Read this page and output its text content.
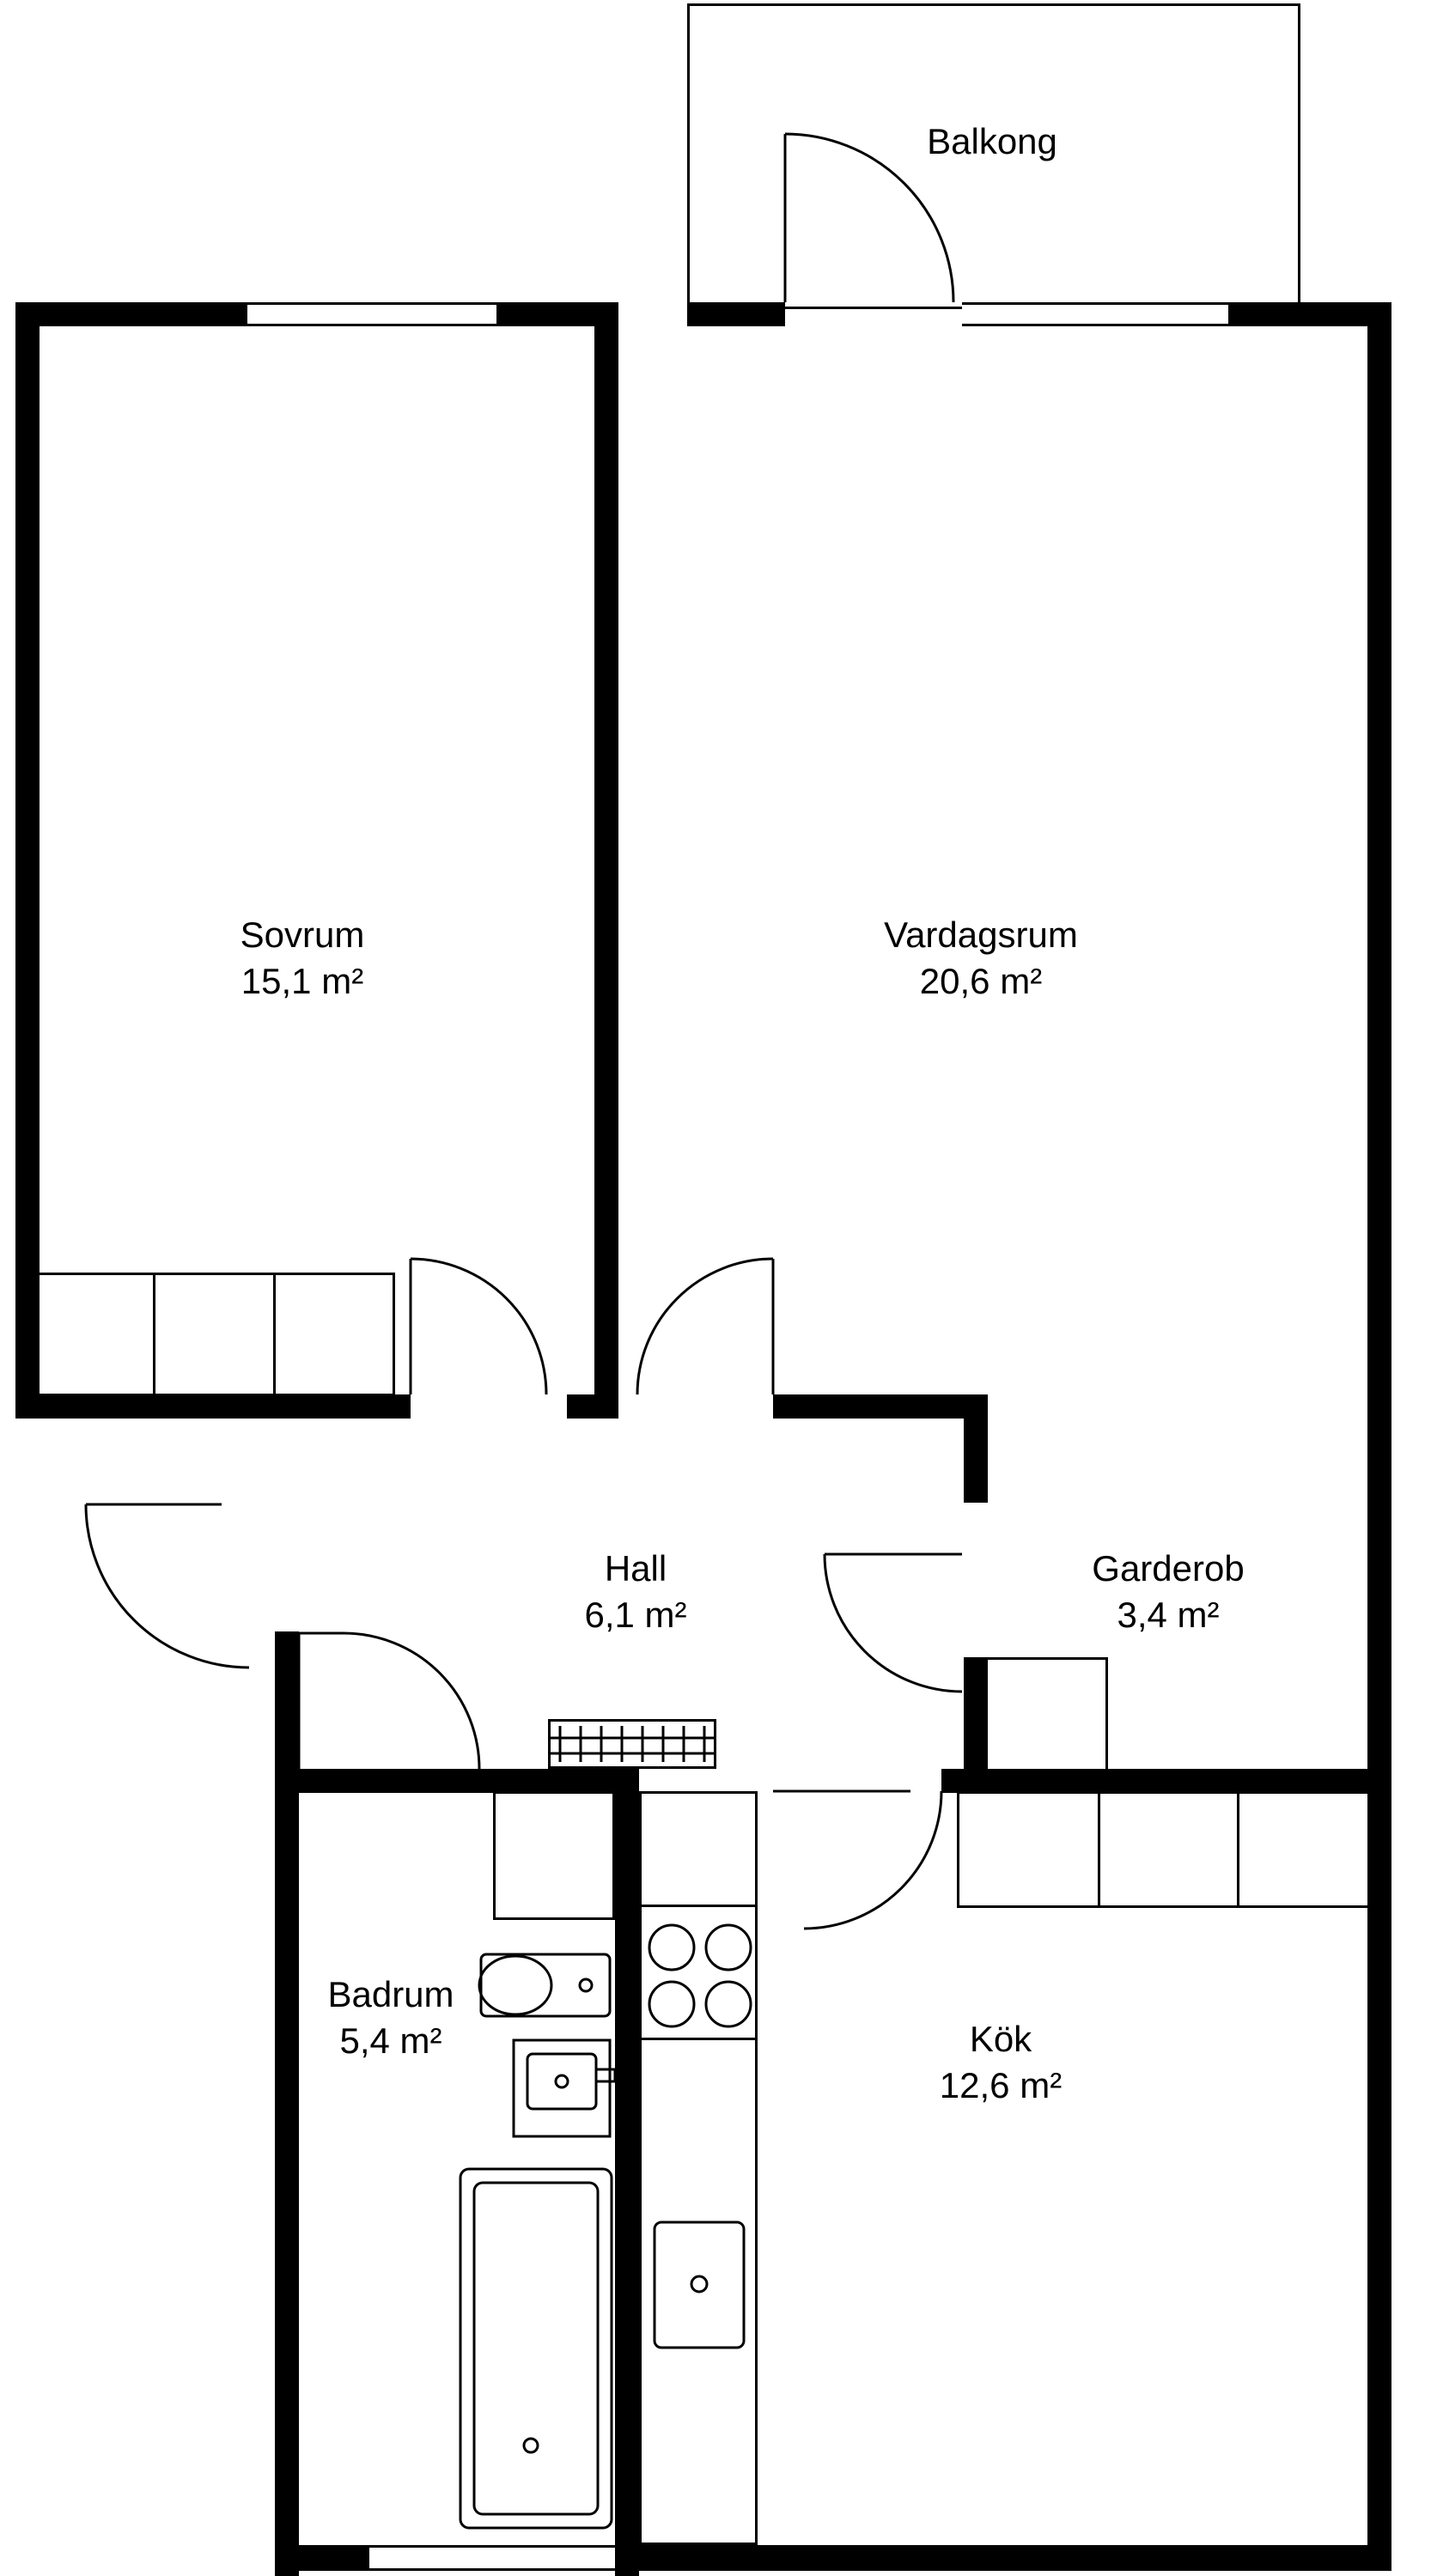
Balkong
Sovrum
15,1 m²
Vardagsrum
20,6 m²
Hall
6,1 m²
Garderob
3,4 m²
Badrum
5,4 m²	Kök
12,6 m²
